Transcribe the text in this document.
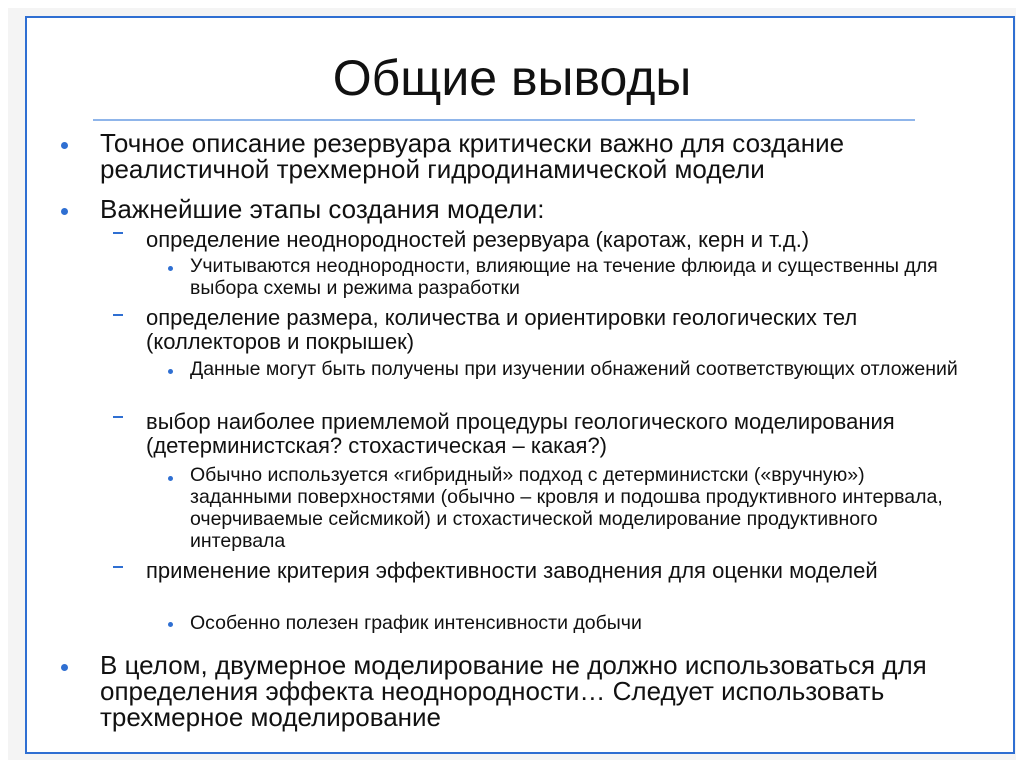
Общие выводы
Точное описание резервуара критически важно для создание реалистичной трехмерной гидродинамической модели
Важнейшие этапы создания модели:
определение неоднородностей резервуара (каротаж, керн и т.д.)
Учитываются неоднородности, влияющие на течение флюида и существенны для выбора схемы и режима разработки
определение размера, количества и ориентировки геологических тел (коллекторов и покрышек)
Данные могут быть получены при изучении обнажений соответствующих отложений
выбор наиболее приемлемой процедуры геологического моделирования (детерминистская? стохастическая – какая?)
Обычно используется «гибридный» подход с детерминистски («вручную») заданными поверхностями (обычно – кровля и подошва продуктивного интервала, очерчиваемые сейсмикой) и стохастической моделирование продуктивного интервала
применение критерия эффективности заводнения для оценки моделей
Особенно полезен график интенсивности добычи
В целом, двумерное моделирование не должно использоваться для определения эффекта неоднородности… Следует использовать трехмерное моделирование
